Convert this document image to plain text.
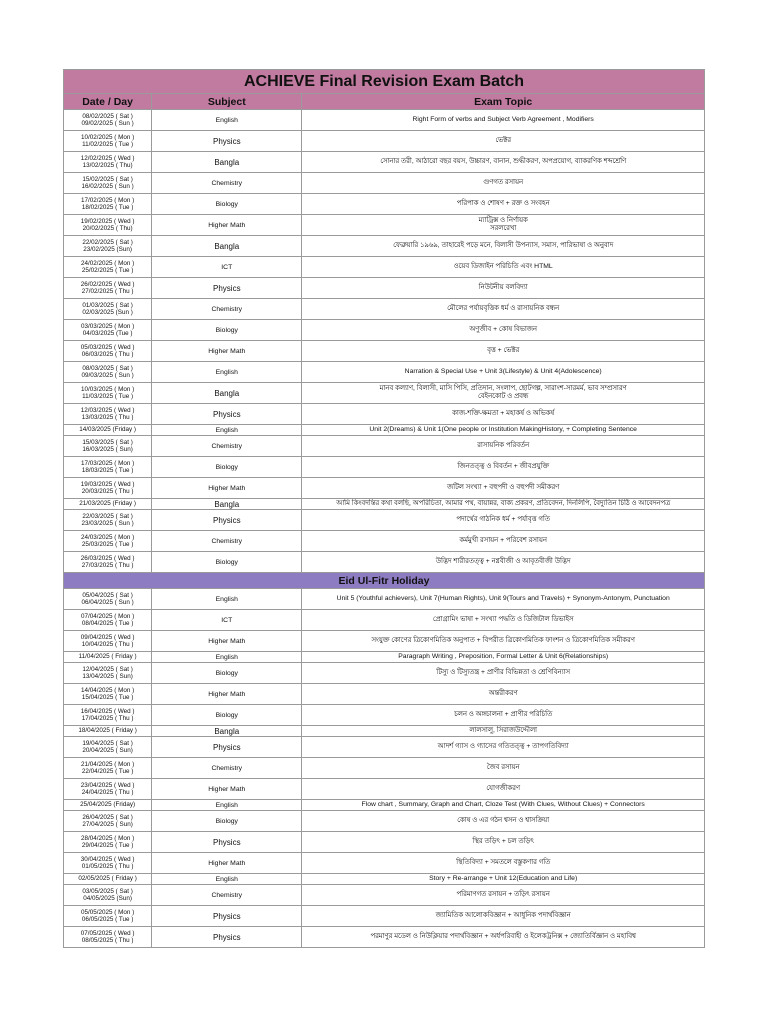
ACHIEVE Final Revision Exam Batch		
Date / Day	Subject	Exam Topic

08/02/2025 ( Sat )
09/02/2025 ( Sun )	English	Right Form of verbs and Subject Verb Agreement , Modifiers

10/02/2025 ( Mon )
11/02/2025 ( Tue )	Physics	ভেক্টর

12/02/2025 ( Wed )
13/02/2025 ( Thu)	Bangla	সোনার তরী, আঠারো বছর বয়স, উচ্চারণ, বানান, শুদ্ধীকরণ, অপপ্রয়োগ, ব্যাকরণিক শব্দশ্রেণি

15/02/2025 ( Sat )
16/02/2025 ( Sun )	Chemistry	গুণগত রসায়ন

17/02/2025 ( Mon )
18/02/2025 ( Tue )	Biology	পরিপাক ও শোষণ + রক্ত ও সংবহন

19/02/2025 ( Wed )
20/02/2025 ( Thu)	Higher Math	ম্যাট্রিক্স ও নির্ণায়ক
সরলরেখা

22/02/2025 ( Sat )
23/02/2025 (Sun)	Bangla	ফেব্রুয়ারি ১৯৬৯, তাহারেই পড়ে মনে, বিলাসী উপন্যাস, সমাস, পারিভাষা ও অনুবাদ

24/02/2025 ( Mon )
25/02/2025 ( Tue )	ICT	ওয়েব ডিজাইন পরিচিতি এবং HTML

26/02/2025 ( Wed )
27/02/2025 ( Thu )	Physics	নিউটনীয় বলবিদ্যা

01/03/2025 ( Sat )
02/03/2025 (Sun )	Chemistry	মৌলের পর্যায়বৃত্তিক ধর্ম ও রাসায়নিক বন্ধন

03/03/2025 ( Mon )
04/03/2025 (Tue )	Biology	অণুজীব + কোষ বিভাজন

05/03/2025 ( Wed )
06/03/2025 ( Thu )	Higher Math	বৃত্ত + ভেক্টর

08/03/2025 ( Sat )
09/03/2025 ( Sun )	English	Narration & Special Use + Unit 3(Lifestyle) & Unit 4(Adolescence)

10/03/2025 ( Mon )
11/03/2025 ( Tue )	Bangla	মানব কল্যাণ, বিলাসী, মাসি পিসি, প্রতিদান, সংলাপ, ছোটগল্প, সারাংশ-সারমর্ম, ভাব সম্প্রসারণ
বেইনকোট ও প্রবন্ধ

12/03/2025 ( Wed )
13/03/2025 ( Thu )	Physics	কাজ-শক্তি-ক্ষমতা + মহাকর্ষ ও অভিকর্ষ

14/03/2025 (Friday )	English	Unit 2(Dreams) & Unit 1(One people or Institution MakingHistory, + Completing Sentence

15/03/2025 ( Sat )
16/03/2025 ( Sun)	Chemistry	রাসায়নিক পরিবর্তন

17/03/2025 ( Mon )
18/03/2025 ( Tue )	Biology	জিনতত্ত্ব ও বিবর্তন + জীবপ্রযুক্তি

19/03/2025 ( Wed )
20/03/2025 ( Thu )	Higher Math	জটিল সংখ্যা + বহুপদী ও বহুপদী সমীকরণ

21/03/2025 (Friday )	Bangla	আমি কিংবদন্তির কথা বলছি, অপরিচিতা, আমার পথ, বায়ান্নর, বাক্য প্রকরণ, প্রতিবেদন, দিনলিপি, বৈদ্যুতিন চিঠি ও আবেদনপত্র

22/03/2025 ( Sat )
23/03/2025 ( Sun )	Physics	পদার্থের গাঠনিক ধর্ম + পর্যাবৃত্ত গতি

24/03/2025 ( Mon )
25/03/2025 ( Tue )	Chemistry	কর্মমুখী রসায়ন + পরিবেশ রসায়ন

26/03/2025 ( Wed )
27/03/2025 ( Thu )	Biology	উদ্ভিদ শারীরতত্ত্ব + নগ্নবীজী ও আবৃতবীজী উদ্ভিদ
Eid Ul-Fitr Holiday		

05/04/2025 ( Sat )
06/04/2025 ( Sun )	English	Unit 5 (Youthful achievers), Unit 7(Human Rights), Unit 9(Tours and Travels) + Synonym-Antonym, Punctuation

07/04/2025 ( Mon )
08/04/2025 ( Tue )	ICT	প্রোগ্রামিং ভাষা + সংখ্যা পদ্ধতি ও ডিজিটাল ডিভাইস

09/04/2025 ( Wed )
10/04/2025 ( Thu )	Higher Math	সংযুক্ত কোণের ত্রিকোণমিতিক অনুপাত + বিপরীত ত্রিকোণমিতিক ফাংশন ও ত্রিকোণমিতিক সমীকরণ

11/04/2025 ( Friday )	English	Paragraph Writing , Preposition, Formal Letter & Unit 6(Relationships)

12/04/2025 ( Sat )
13/04/2025 ( Sun)	Biology	টিস্যু ও টিস্যুতন্ত্র + প্রাণীর বিভিন্নতা ও শ্রেণিবিন্যাস

14/04/2025 ( Mon )
15/04/2025 ( Tue )	Higher Math	অন্তরীকরণ

16/04/2025 ( Wed )
17/04/2025 ( Thu )	Biology	চলন ও অঙ্গচালনা + প্রাণীর পরিচিতি

18/04/2025 ( Friday )	Bangla	লালসালু, সিরাজউদ্দৌলা

19/04/2025 ( Sat )
20/04/2025 ( Sun)	Physics	আদর্শ গ্যাস ও গ্যাসের গতিতত্ত্ব + তাপগতিবিদ্যা

21/04/2025 ( Mon )
22/04/2025 ( Tue )	Chemistry	জৈব রসায়ন

23/04/2025 ( Wed )
24/04/2025 ( Thu )	Higher Math	যোগজীকরণ

25/04/2025 (Friday)	English	Flow chart , Summary, Graph and Chart, Cloze Test (With Clues, Without Clues) + Connectors

26/04/2025 ( Sat )
27/04/2025 ( Sun)	Biology	কোষ ও এর গঠন শ্বসন ও শ্বাসক্রিয়া

28/04/2025 ( Mon )
29/04/2025 ( Tue )	Physics	স্থির তড়িৎ + চল তড়িৎ

30/04/2025 ( Wed )
01/05/2025 ( Thu )	Higher Math	স্থিতিবিদ্যা + সমতলে বস্তুকণার গতি

02/05/2025 ( Friday )	English	Story + Re-arrange + Unit 12(Education and Life)

03/05/2025 ( Sat )
04/05/2025 (Sun)	Chemistry	পরিমাণগত রসায়ন + তড়িৎ রসায়ন

05/05/2025 ( Mon )
06/05/2025 ( Tue )	Physics	জ্যামিতিক আলোকবিজ্ঞান + আধুনিক পদার্থবিজ্ঞান

07/05/2025 ( Wed )
08/05/2025 ( Thu )	Physics	পরমাণুর মডেল ও নিউক্লিয়ার পদার্থবিজ্ঞান + অর্ধপরিবাহী ও ইলেকট্রনিক্স + জ্যোতির্বিজ্ঞান ও মহাবিশ্ব
